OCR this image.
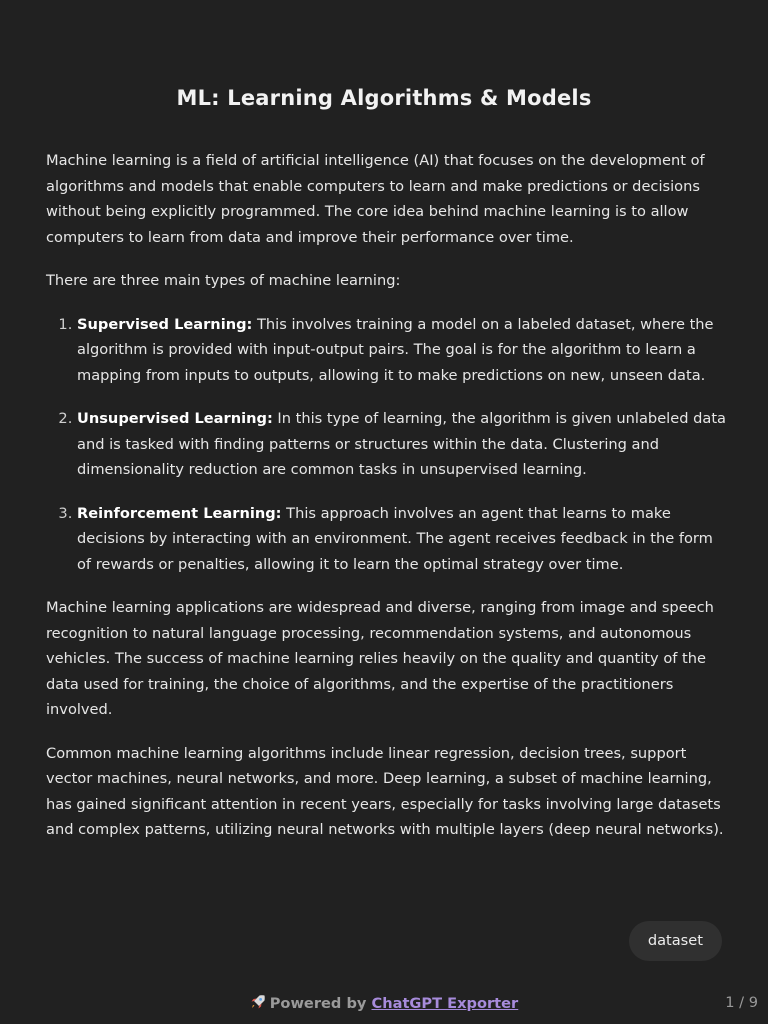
ML: Learning Algorithms & Models

Machine learning is a field of artificial intelligence (AI) that focuses on the development of algorithms and models that enable computers to learn and make predictions or decisions without being explicitly programmed. The core idea behind machine learning is to allow computers to learn from data and improve their performance over time.

There are three main types of machine learning:

1. Supervised Learning: This involves training a model on a labeled dataset, where the algorithm is provided with input-output pairs. The goal is for the algorithm to learn a mapping from inputs to outputs, allowing it to make predictions on new, unseen data.
2. Unsupervised Learning: In this type of learning, the algorithm is given unlabeled data and is tasked with finding patterns or structures within the data. Clustering and dimensionality reduction are common tasks in unsupervised learning.
3. Reinforcement Learning: This approach involves an agent that learns to make decisions by interacting with an environment. The agent receives feedback in the form of rewards or penalties, allowing it to learn the optimal strategy over time.

Machine learning applications are widespread and diverse, ranging from image and speech recognition to natural language processing, recommendation systems, and autonomous vehicles. The success of machine learning relies heavily on the quality and quantity of the data used for training, the choice of algorithms, and the expertise of the practitioners involved.

Common machine learning algorithms include linear regression, decision trees, support vector machines, neural networks, and more. Deep learning, a subset of machine learning, has gained significant attention in recent years, especially for tasks involving large datasets and complex patterns, utilizing neural networks with multiple layers (deep neural networks).

dataset
Powered by ChatGPT Exporter	1 / 9
